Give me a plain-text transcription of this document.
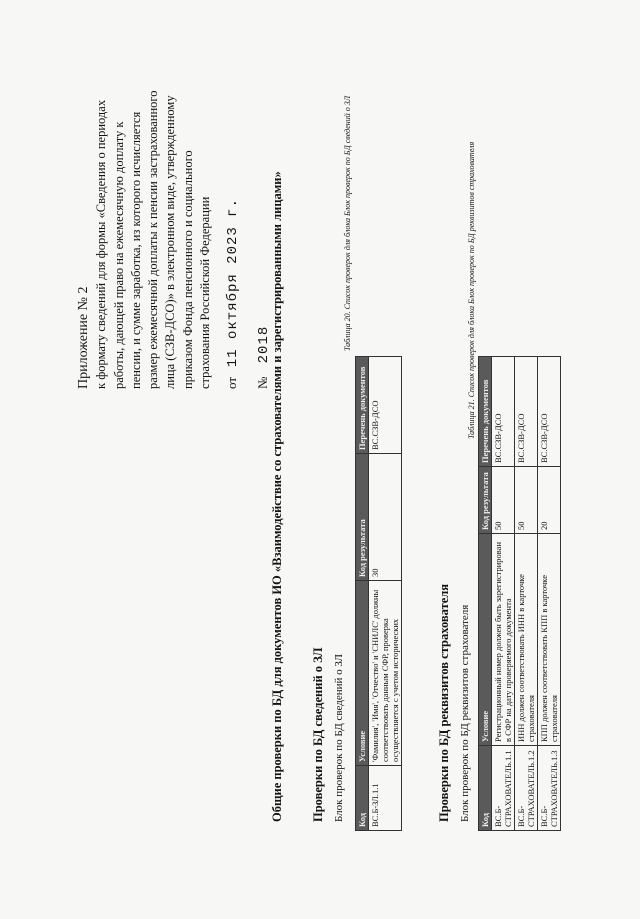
Приложение № 2 к формату сведений для формы «Сведения о периодах работы, дающей право на ежемесячную доплату к пенсии, и сумме заработка, из которого исчисляется размер ежемесячной доплаты к пенсии застрахованного лица (СЗВ-ДСО)» в электронном виде, утвержденному приказом Фонда пенсионного и социального страхования Российской Федерации от   11 октября 2023 г.
№ 2018
Общие проверки по БД для документов ИО «Взаимодействие со страхователями и зарегистрированными лицами» Проверки по БД сведений о ЗЛ Блок проверок по БД сведений о ЗЛ
Таблица 20. Список проверок для блока Блок проверок по БД сведений о ЗЛ
Код	Условие	Код результата	Перечень документов
ВС.Б-ЗЛ.1.1	'Фамилия', 'Имя', 'Отчество' и 'СНИЛС' должны соответствовать данным СФР, проверка осуществляется с учетом исторических	30	ВС.СЗВ-ДСО
Проверки по БД реквизитов страхователя Блок проверок по БД реквизитов страхователя
Таблица 21. Список проверок для блока Блок проверок по БД реквизитов страхователя
Код	Условие	Код результата	Перечень документов
ВС.Б-СТРАХОВАТЕЛЬ.1.1	Регистрационный номер должен быть зарегистрирован в СФР на дату проверяемого документа	50	ВС.СЗВ-ДСО
ВС.Б-СТРАХОВАТЕЛЬ.1.2	ИНН должен соответствовать ИНН в карточке страхователя	50	ВС.СЗВ-ДСО
ВС.Б-СТРАХОВАТЕЛЬ.1.3	КПП должен соответствовать КПП в карточке страхователя	20	ВС.СЗВ-ДСО
